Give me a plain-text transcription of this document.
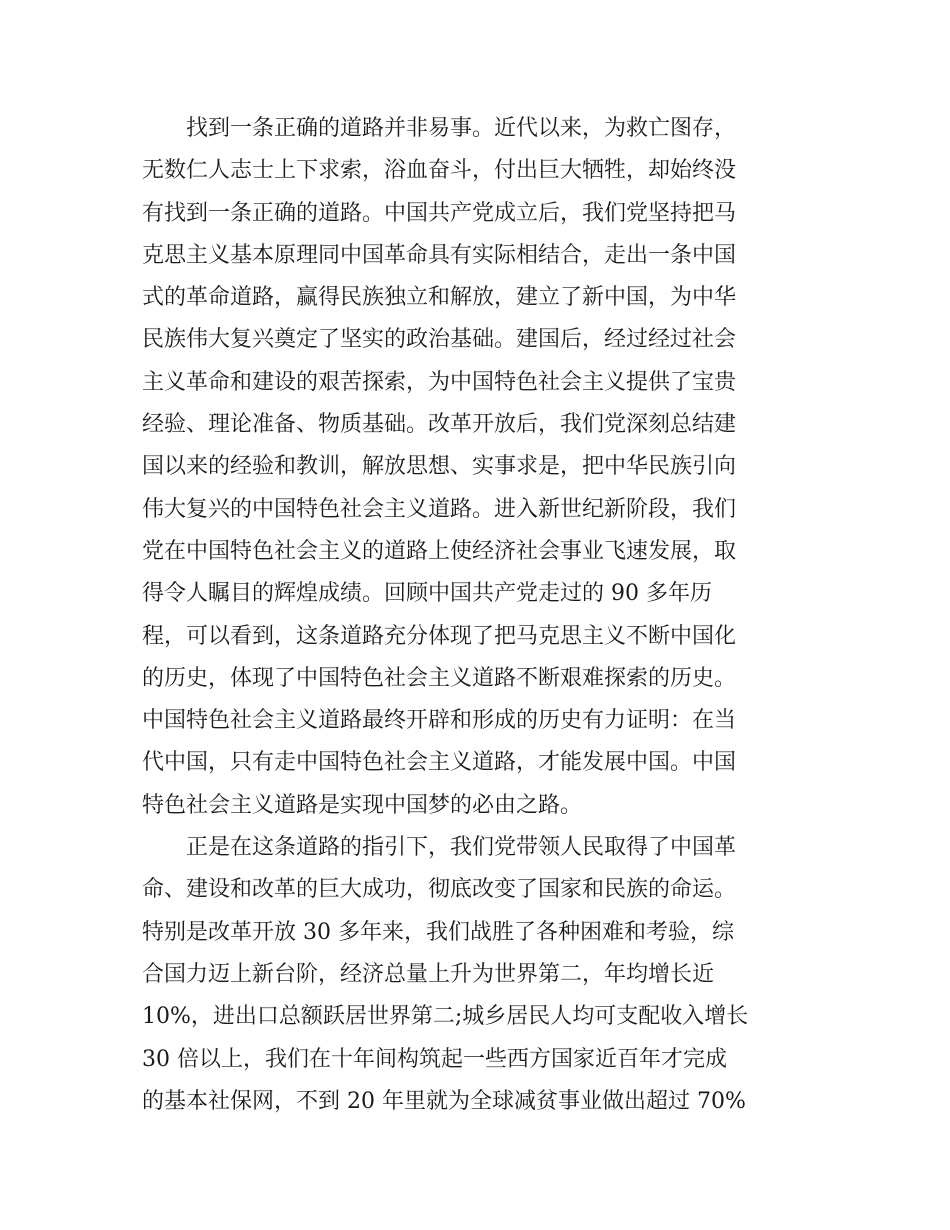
　　找到一条正确的道路并非易事。近代以来，为救亡图存，
无数仁人志士上下求索，浴血奋斗，付出巨大牺牲，却始终没
有找到一条正确的道路。中国共产党成立后，我们党坚持把马
克思主义基本原理同中国革命具有实际相结合，走出一条中国
式的革命道路，赢得民族独立和解放，建立了新中国，为中华
民族伟大复兴奠定了坚实的政治基础。建国后，经过经过社会
主义革命和建设的艰苦探索，为中国特色社会主义提供了宝贵
经验、理论准备、物质基础。改革开放后，我们党深刻总结建
国以来的经验和教训，解放思想、实事求是，把中华民族引向
伟大复兴的中国特色社会主义道路。进入新世纪新阶段，我们
党在中国特色社会主义的道路上使经济社会事业飞速发展，取
得令人瞩目的辉煌成绩。回顾中国共产党走过的 90 多年历
程，可以看到，这条道路充分体现了把马克思主义不断中国化
的历史，体现了中国特色社会主义道路不断艰难探索的历史。
中国特色社会主义道路最终开辟和形成的历史有力证明：在当
代中国，只有走中国特色社会主义道路，才能发展中国。中国
特色社会主义道路是实现中国梦的必由之路。
　　正是在这条道路的指引下，我们党带领人民取得了中国革
命、建设和改革的巨大成功，彻底改变了国家和民族的命运。
特别是改革开放 30 多年来，我们战胜了各种困难和考验，综
合国力迈上新台阶，经济总量上升为世界第二，年均增长近
10%，进出口总额跃居世界第二;城乡居民人均可支配收入增长
30 倍以上，我们在十年间构筑起一些西方国家近百年才完成
的基本社保网，不到 20 年里就为全球减贫事业做出超过 70%
